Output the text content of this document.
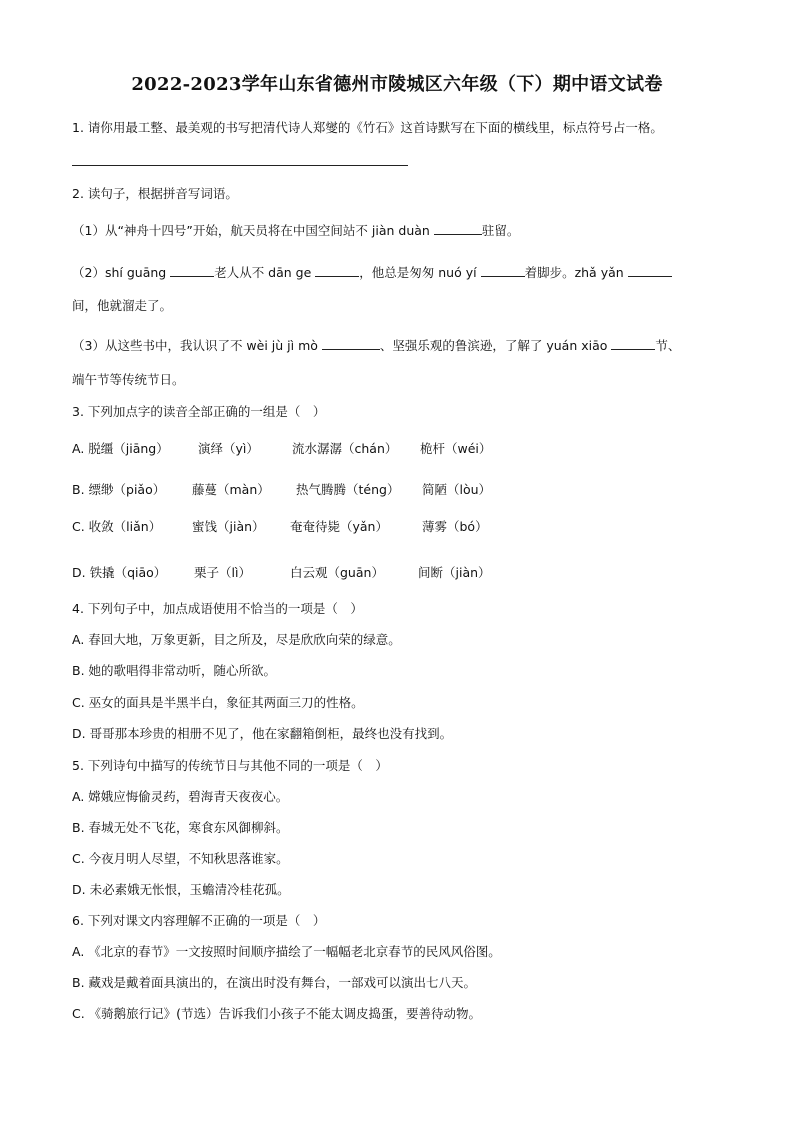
2022-2023学年山东省德州市陵城区六年级（下）期中语文试卷
1. 请你用最工整、最美观的书写把清代诗人郑燮的《竹石》这首诗默写在下面的横线里，标点符号占一格。
2. 读句子，根据拼音写词语。
（1）从“神舟十四号”开始，航天员将在中国空间站不 jiàn duàn	驻留。
（2）shí guāng	老人从不 dān ge	，他总是匆匆 nuó yí	着脚步。zhǎ yǎn
间，他就溜走了。
（3）从这些书中，我认识了不 wèi jù jì mò	、坚强乐观的鲁滨逊，了解了 yuán xiāo	节、
端午节等传统节日。
3. 下列加点字的读音全部正确的一组是（　）
A. 脱缰（jiāng） 演绎（yì）	流水潺潺（chán） 桅杆（wéi）
B. 缥缈（piǎo） 藤蔓（màn） 热气腾腾（téng） 简陋（lòu）
C. 收敛（liǎn） 蜜饯（jiàn） 奄奄待毙（yǎn）	薄雾（bó）
D. 铁撬（qiāo） 栗子（lì）	白云观（guān）	间断（jiàn）
4. 下列句子中，加点成语使用不恰当的一项是（　）
A. 春回大地，万象更新，目之所及，尽是欣欣向荣的绿意。
B. 她的歌唱得非常动听，随心所欲。
C. 巫女的面具是半黑半白，象征其两面三刀的性格。
D. 哥哥那本珍贵的相册不见了，他在家翻箱倒柜，最终也没有找到。
5. 下列诗句中描写的传统节日与其他不同的一项是（　）
A. 嫦娥应悔偷灵药，碧海青天夜夜心。
B. 春城无处不飞花，寒食东风御柳斜。
C. 今夜月明人尽望，不知秋思落谁家。
D. 未必素娥无怅恨，玉蟾清冷桂花孤。
6. 下列对课文内容理解不正确的一项是（　）
A. 《北京的春节》一文按照时间顺序描绘了一幅幅老北京春节的民风风俗图。
B. 藏戏是戴着面具演出的，在演出时没有舞台，一部戏可以演出七八天。
C. 《骑鹅旅行记》(节选）告诉我们小孩子不能太调皮捣蛋，要善待动物。
